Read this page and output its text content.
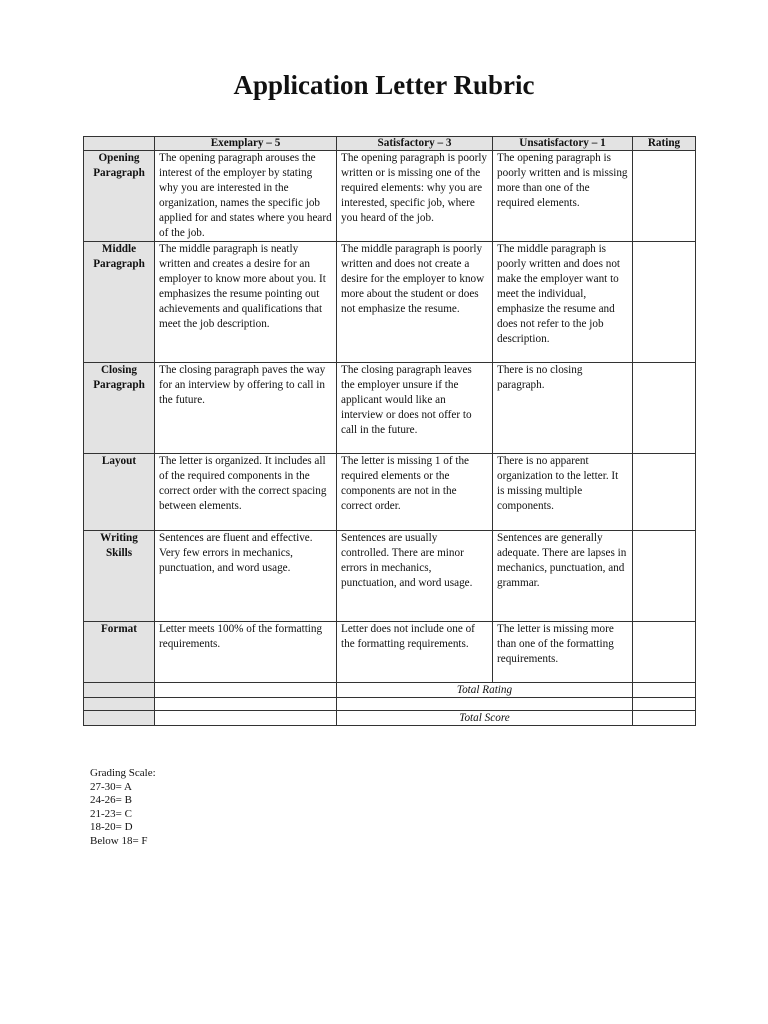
Application Letter Rubric
	Exemplary – 5	Satisfactory – 3	Unsatisfactory – 1	Rating
Opening Paragraph	The opening paragraph arouses the interest of the employer by stating why you are interested in the organization, names the specific job applied for and states where you heard of the job.	The opening paragraph is poorly written or is missing one of the required elements: why you are interested, specific job, where you heard of the job.	The opening paragraph is poorly written and is missing more than one of the required elements.	
Middle Paragraph	The middle paragraph is neatly written and creates a desire for an employer to know more about you. It emphasizes the resume pointing out achievements and qualifications that meet the job description.	The middle paragraph is poorly written and does not create a desire for the employer to know more about the student or does not emphasize the resume.	The middle paragraph is poorly written and does not make the employer want to meet the individual, emphasize the resume and does not refer to the job description.	
Closing Paragraph	The closing paragraph paves the way for an interview by offering to call in the future.	The closing paragraph leaves the employer unsure if the applicant would like an interview or does not offer to call in the future.	There is no closing paragraph.	
Layout	The letter is organized. It includes all of the required components in the correct order with the correct spacing between elements.	The letter is missing 1 of the required elements or the components are not in the correct order.	There is no apparent organization to the letter. It is missing multiple components.	
Writing Skills	Sentences are fluent and effective. Very few errors in mechanics, punctuation, and word usage.	Sentences are usually controlled. There are minor errors in mechanics, punctuation, and word usage.	Sentences are generally adequate. There are lapses in mechanics, punctuation, and grammar.	
Format	Letter meets 100% of the formatting requirements.	Letter does not include one of the formatting requirements.	The letter is missing more than one of the formatting requirements.	
		Total Rating		

		Total Score		
Grading Scale:
27-30= A
24-26= B
21-23= C
18-20= D
Below 18= F
